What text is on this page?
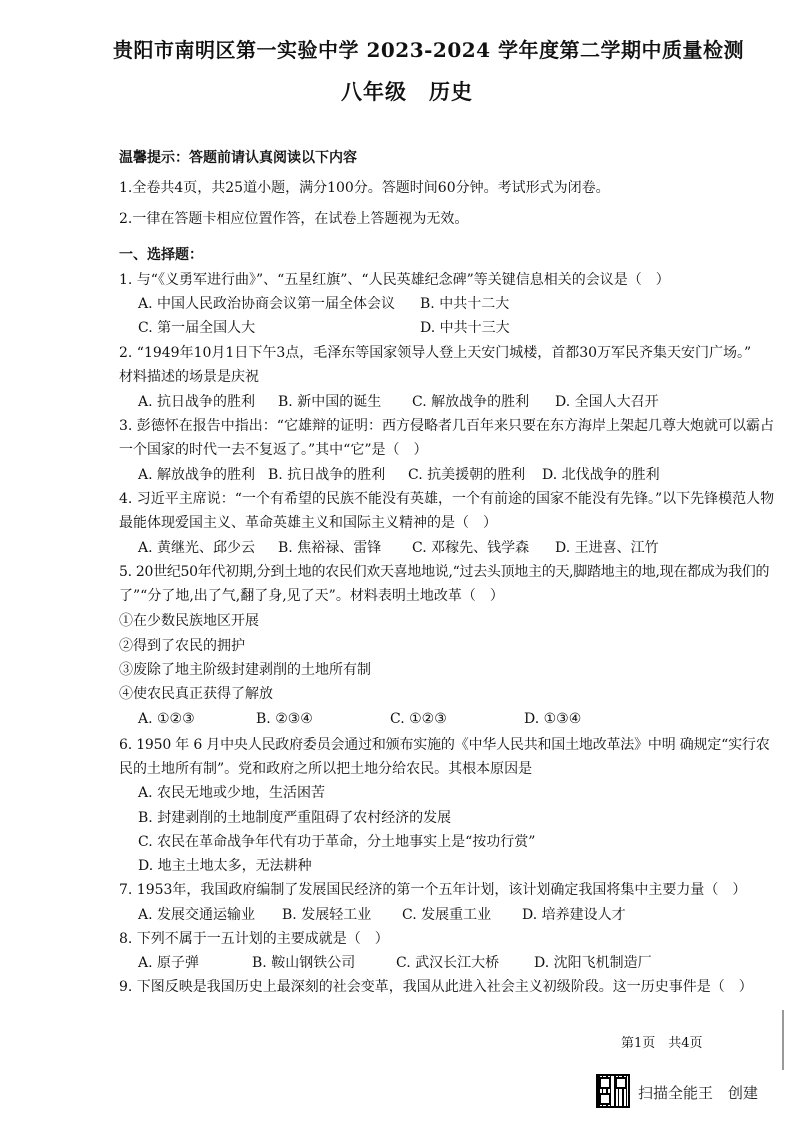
贵阳市南明区第一实验中学 2023-2024 学年度第二学期中质量检测
八年级　历史
温馨提示：答题前请认真阅读以下内容
1.全卷共4页，共25道小题，满分100分。答题时间60分钟。考试形式为闭卷。
2.一律在答题卡相应位置作答，在试卷上答题视为无效。
一、选择题：
1. 与“《义勇军进行曲》”、“五星红旗”、“人民英雄纪念碑”等关键信息相关的会议是（　）
A. 中国人民政治协商会议第一届全体会议 B. 中共十二大
C. 第一届全国人大	D. 中共十三大
2. “1949年10月1日下午3点，毛泽东等国家领导人登上天安门城楼，首都30万军民齐集天安门广场。”
材料描述的场景是庆祝
A. 抗日战争的胜利 B. 新中国的诞生 C. 解放战争的胜利 D. 全国人大召开
3. 彭德怀在报告中指出：“它雄辩的证明：西方侵略者几百年来只要在东方海岸上架起几尊大炮就可以霸占
一个国家的时代一去不复返了。”其中“它”是（　）
A. 解放战争的胜利 B. 抗日战争的胜利 C. 抗美援朝的胜利 D. 北伐战争的胜利
4. 习近平主席说：“一个有希望的民族不能没有英雄，一个有前途的国家不能没有先锋。”以下先锋模范人物
最能体现爱国主义、革命英雄主义和国际主义精神的是（　）
A. 黄继光、邱少云 B. 焦裕禄、雷锋 C. 邓稼先、钱学森 D. 王进喜、江竹
5. 20世纪50年代初期,分到土地的农民们欢天喜地地说,“过去头顶地主的天,脚踏地主的地,现在都成为我们的
了”“分了地,出了气,翻了身,见了天”。材料表明土地改革（　）
①在少数民族地区开展
②得到了农民的拥护
③废除了地主阶级封建剥削的土地所有制
④使农民真正获得了解放
A. ①②③	B. ②③④	C. ①②③	D. ①③④
6. 1950 年 6 月中央人民政府委员会通过和颁布实施的《中华人民共和国土地改革法》中明 确规定“实行农
民的土地所有制”。党和政府之所以把土地分给农民。其根本原因是
A. 农民无地或少地，生活困苦
B. 封建剥削的土地制度严重阻碍了农村经济的发展
C. 农民在革命战争年代有功于革命，分土地事实上是“按功行赏”
D. 地主土地太多，无法耕种
7. 1953年，我国政府编制了发展国民经济的第一个五年计划，该计划确定我国将集中主要力量（　）
A. 发展交通运输业 B. 发展轻工业 C. 发展重工业 D. 培养建设人才
8. 下列不属于一五计划的主要成就是（　）
A. 原子弹	B. 鞍山钢铁公司	C. 武汉长江大桥 D. 沈阳飞机制造厂
9. 下图反映是我国历史上最深刻的社会变革，我国从此进入社会主义初级阶段。这一历史事件是（　）
第1页　共4页
扫描全能王　创建
